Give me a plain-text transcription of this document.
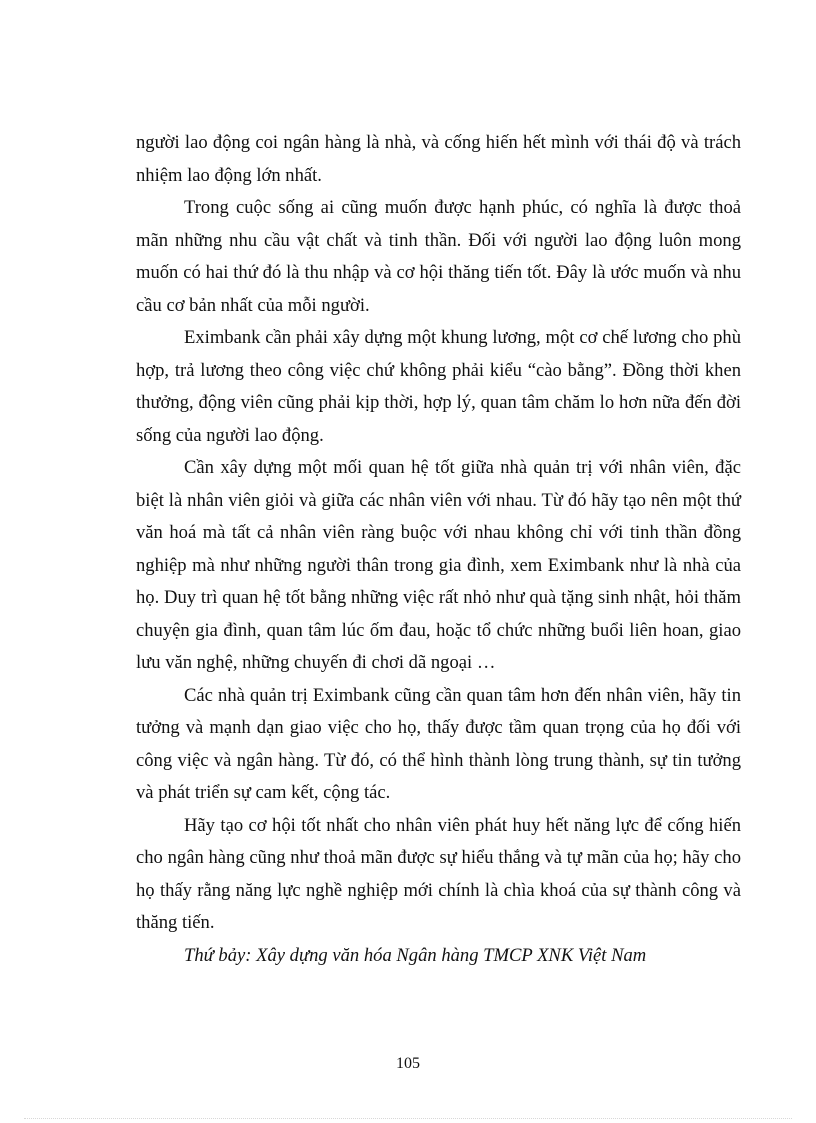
người lao động coi ngân hàng là nhà, và cống hiến hết mình với thái độ và trách nhiệm lao động lớn nhất.

Trong cuộc sống ai cũng muốn được hạnh phúc, có nghĩa là được thoả mãn những nhu cầu vật chất và tinh thần. Đối với người lao động luôn mong muốn có hai thứ đó là thu nhập và cơ hội thăng tiến tốt. Đây là ước muốn và nhu cầu cơ bản nhất của mỗi người.

Eximbank cần phải xây dựng một khung lương, một cơ chế lương cho phù hợp, trả lương theo công việc chứ không phải kiểu “cào bằng”. Đồng thời khen thưởng, động viên cũng phải kịp thời, hợp lý, quan tâm chăm lo hơn nữa đến đời sống của người lao động.

Cần xây dựng một mối quan hệ tốt giữa nhà quản trị với nhân viên, đặc biệt là nhân viên giỏi và giữa các nhân viên với nhau. Từ đó hãy tạo nên một thứ văn hoá mà tất cả nhân viên ràng buộc với nhau không chỉ với tinh thần đồng nghiệp mà như những người thân trong gia đình, xem Eximbank như là nhà của họ. Duy trì quan hệ tốt bằng những việc rất nhỏ như quà tặng sinh nhật, hỏi thăm chuyện gia đình, quan tâm lúc ốm đau, hoặc tổ chức những buổi liên hoan, giao lưu văn nghệ, những chuyến đi chơi dã ngoại …

Các nhà quản trị Eximbank cũng cần quan tâm hơn đến nhân viên, hãy tin tưởng và mạnh dạn giao việc cho họ, thấy được tầm quan trọng của họ đối với công việc và ngân hàng. Từ đó, có thể hình thành lòng trung thành, sự tin tưởng và phát triển sự cam kết, cộng tác.

Hãy tạo cơ hội tốt nhất cho nhân viên phát huy hết năng lực để cống hiến cho ngân hàng cũng như thoả mãn được sự hiểu thắng và tự mãn của họ; hãy cho họ thấy rằng năng lực nghề nghiệp mới chính là chìa khoá của sự thành công và thăng tiến.

Thứ bảy: Xây dựng văn hóa Ngân hàng TMCP XNK Việt Nam

105
